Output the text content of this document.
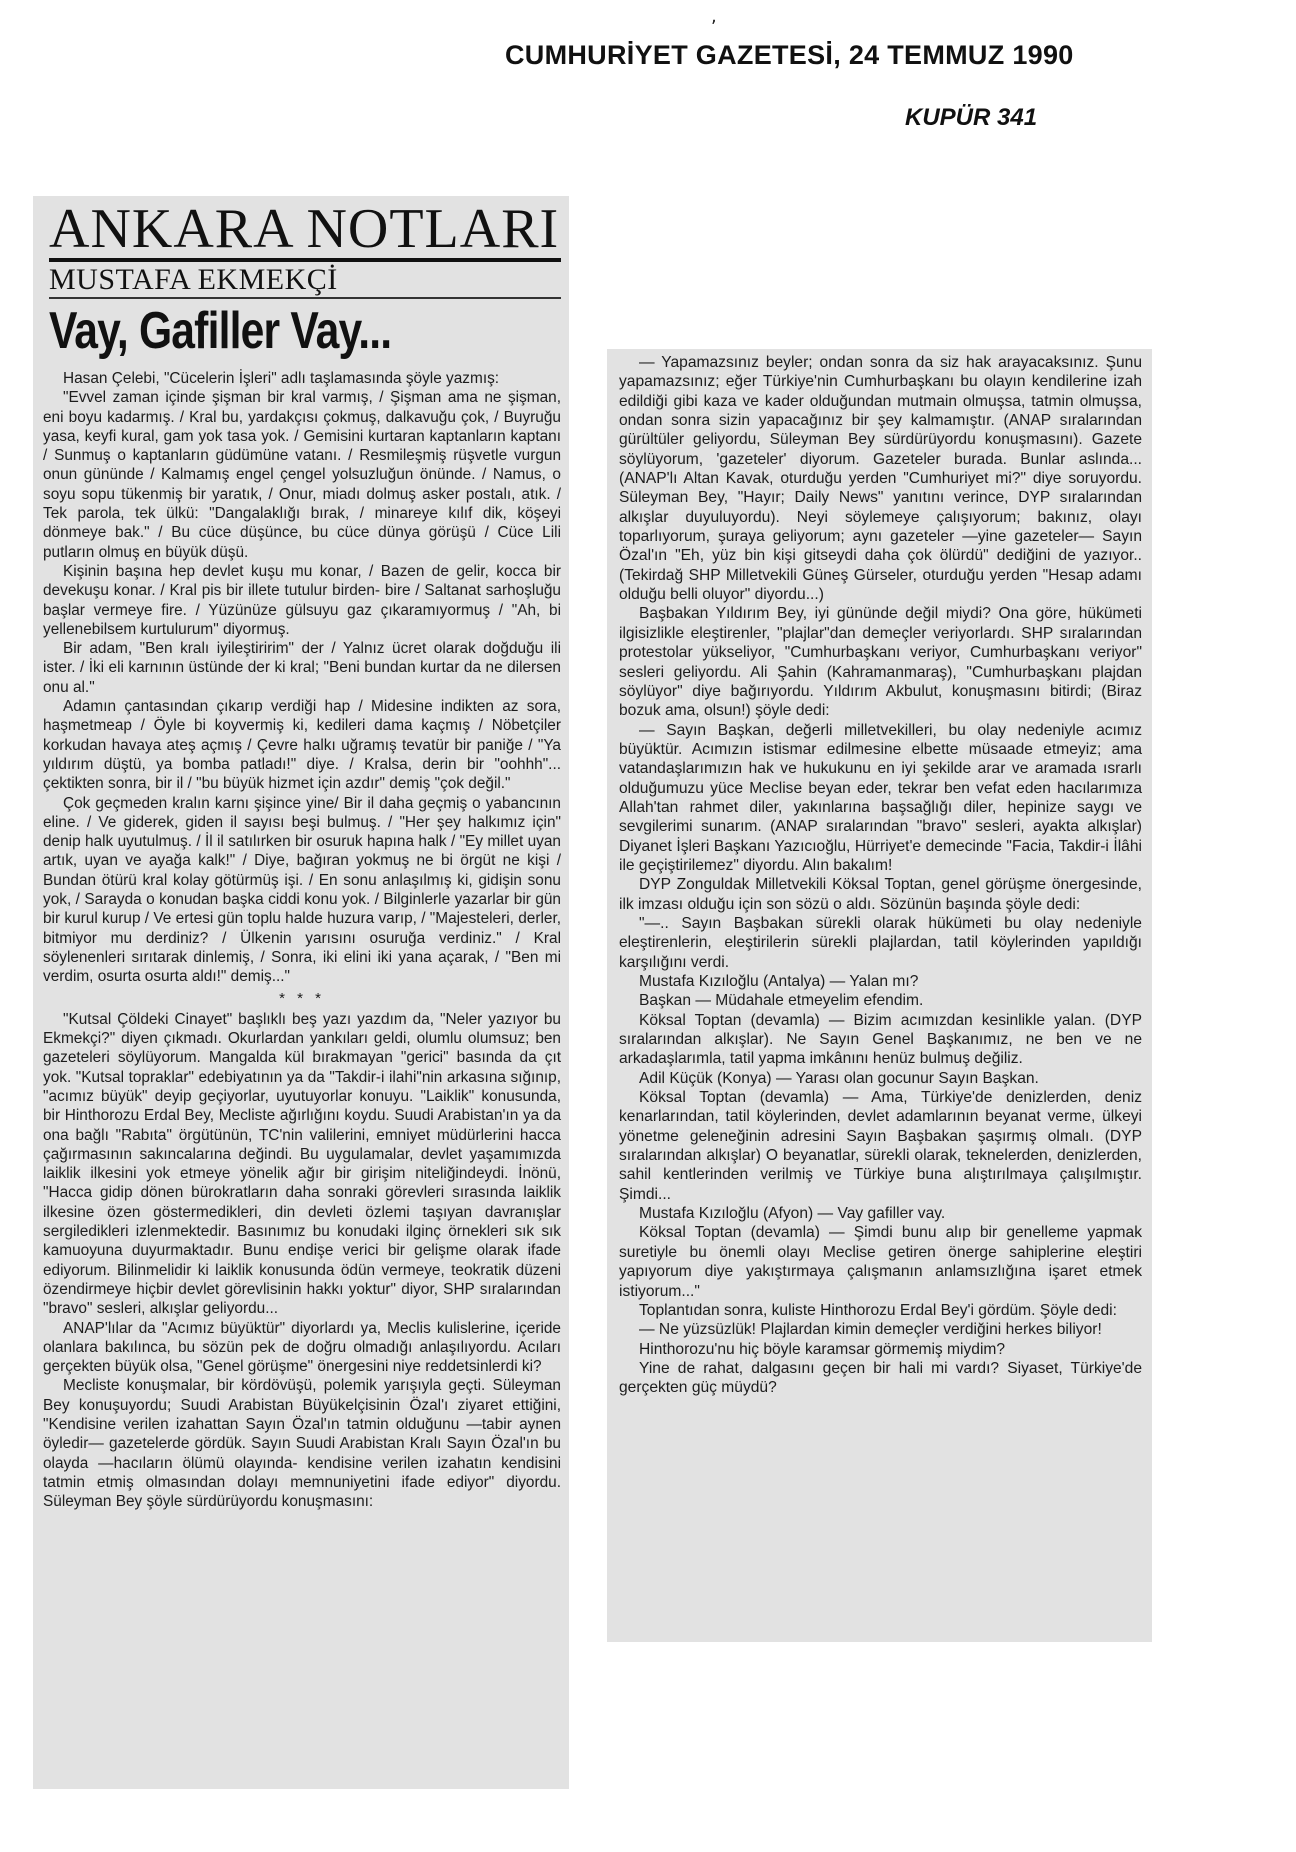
,
CUMHURİYET GAZETESİ, 24 TEMMUZ 1990
KUPÜR 341
ANKARA NOTLARI
MUSTAFA EKMEKÇİ
Vay, Gafiller Vay...

Hasan Çelebi, "Cücelerin İşleri" adlı taşlamasında şöyle yazmış:

"Evvel zaman içinde şişman bir kral varmış, / Şişman ama ne şişman, eni boyu kadarmış. / Kral bu, yardakçısı çokmuş, dalkavuğu çok, / Buyruğu yasa, keyfi kural, gam yok tasa yok. / Gemisini kurtaran kaptanların kaptanı / Sunmuş o kaptanların güdümüne vatanı. / Resmileşmiş rüşvetle vurgun onun gününde / Kalmamış engel çengel yolsuzluğun önünde. / Namus, o soyu sopu tükenmiş bir yaratık, / Onur, miadı dolmuş asker postalı, atık. / Tek parola, tek ülkü: "Dangalaklığı bırak, / minareye kılıf dik, köşeyi dönmeye bak." / Bu cüce düşünce, bu cüce dünya görüşü / Cüce Lili putların olmuş en büyük düşü.

Kişinin başına hep devlet kuşu mu konar, / Bazen de gelir, kocca bir devekuşu konar. / Kral pis bir illete tutulur birden- bire / Saltanat sarhoşluğu başlar vermeye fire. / Yüzünüze gülsuyu gaz çıkaramıyormuş / "Ah, bi yellenebilsem kurtulurum" diyormuş.

Bir adam, "Ben kralı iyileştiririm" der / Yalnız ücret olarak doğduğu ili ister. / İki eli karnının üstünde der ki kral; "Beni bundan kurtar da ne dilersen onu al."

Adamın çantasından çıkarıp verdiği hap / Midesine indikten az sora, haşmetmeap / Öyle bi koyvermiş ki, kedileri dama kaçmış / Nöbetçiler korkudan havaya ateş açmış / Çevre halkı uğramış tevatür bir paniğe / "Ya yıldırım düştü, ya bomba patladı!" diye. / Kralsa, derin bir "oohhh"... çektikten sonra, bir il / "bu büyük hizmet için azdır" demiş "çok değil."

Çok geçmeden kralın karnı şişince yine/ Bir il daha geçmiş o yabancının eline. / Ve giderek, giden il sayısı beşi bulmuş. / "Her şey halkımız için" denip halk uyutulmuş. / İl il satılırken bir osuruk hapına halk / "Ey millet uyan artık, uyan ve ayağa kalk!" / Diye, bağıran yokmuş ne bi örgüt ne kişi / Bundan ötürü kral kolay götürmüş işi. / En sonu anlaşılmış ki, gidişin sonu yok, / Sarayda o konudan başka ciddi konu yok. / Bilginlerle yazarlar bir gün bir kurul kurup / Ve ertesi gün toplu halde huzura varıp, / "Majesteleri, derler, bitmiyor mu derdiniz? / Ülkenin yarısını osuruğa verdiniz." / Kral söylenenleri sırıtarak dinlemiş, / Sonra, iki elini iki yana açarak, / "Ben mi verdim, osurta osurta aldı!" demiş..."

* * *

"Kutsal Çöldeki Cinayet" başlıklı beş yazı yazdım da, "Neler yazıyor bu Ekmekçi?" diyen çıkmadı. Okurlardan yankıları geldi, olumlu olumsuz; ben gazeteleri söylüyorum. Mangalda kül bırakmayan "gerici" basında da çıt yok. "Kutsal topraklar" edebiyatının ya da "Takdir-i ilahi"nin arkasına sığınıp, "acımız büyük" deyip geçiyorlar, uyutuyorlar konuyu. "Laiklik" konusunda, bir Hinthorozu Erdal Bey, Mecliste ağırlığını koydu. Suudi Arabistan'ın ya da ona bağlı "Rabıta" örgütünün, TC'nin valilerini, emniyet müdürlerini hacca çağırmasının sakıncalarına değindi. Bu uygulamalar, devlet yaşamımızda laiklik ilkesini yok etmeye yönelik ağır bir girişim niteliğindeydi. İnönü, "Hacca gidip dönen bürokratların daha sonraki görevleri sırasında laiklik ilkesine özen göstermedikleri, din devleti özlemi taşıyan davranışlar sergiledikleri izlenmektedir. Basınımız bu konudaki ilginç örnekleri sık sık kamuoyuna duyurmaktadır. Bunu endişe verici bir gelişme olarak ifade ediyorum. Bilinmelidir ki laiklik konusunda ödün vermeye, teokratik düzeni özendirmeye hiçbir devlet görevlisinin hakkı yoktur" diyor, SHP sıralarından "bravo" sesleri, alkışlar geliyordu...

ANAP'lılar da "Acımız büyüktür" diyorlardı ya, Meclis kulislerine, içeride olanlara bakılınca, bu sözün pek de doğru olmadığı anlaşılıyordu. Acıları gerçekten büyük olsa, "Genel görüşme" önergesini niye reddetsinlerdi ki?

Mecliste konuşmalar, bir kördövüşü, polemik yarışıyla geçti. Süleyman Bey konuşuyordu; Suudi Arabistan Büyükelçisinin Özal'ı ziyaret ettiğini, "Kendisine verilen izahattan Sayın Özal'ın tatmin olduğunu —tabir aynen öyledir— gazetelerde gördük. Sayın Suudi Arabistan Kralı Sayın Özal'ın bu olayda —hacıların ölümü olayında- kendisine verilen izahatın kendisini tatmin etmiş olmasından dolayı memnuniyetini ifade ediyor" diyordu. Süleyman Bey şöyle sürdürüyordu konuşmasını:

— Yapamazsınız beyler; ondan sonra da siz hak arayacaksınız. Şunu yapamazsınız; eğer Türkiye'nin Cumhurbaşkanı bu olayın kendilerine izah edildiği gibi kaza ve kader olduğundan mutmain olmuşsa, tatmin olmuşsa, ondan sonra sizin yapacağınız bir şey kalmamıştır. (ANAP sıralarından gürültüler geliyordu, Süleyman Bey sürdürüyordu konuşmasını). Gazete söylüyorum, 'gazeteler' diyorum. Gazeteler burada. Bunlar aslında... (ANAP'lı Altan Kavak, oturduğu yerden "Cumhuriyet mi?" diye soruyordu. Süleyman Bey, "Hayır; Daily News" yanıtını verince, DYP sıralarından alkışlar duyuluyordu). Neyi söylemeye çalışıyorum; bakınız, olayı toparlıyorum, şuraya geliyorum; aynı gazeteler —yine gazeteler— Sayın Özal'ın "Eh, yüz bin kişi gitseydi daha çok ölürdü" dediğini de yazıyor.. (Tekirdağ SHP Milletvekili Güneş Gürseler, oturduğu yerden "Hesap adamı olduğu belli oluyor" diyordu...)

Başbakan Yıldırım Bey, iyi gününde değil miydi? Ona göre, hükümeti ilgisizlikle eleştirenler, "plajlar"dan demeçler veriyorlardı. SHP sıralarından protestolar yükseliyor, "Cumhurbaşkanı veriyor, Cumhurbaşkanı veriyor" sesleri geliyordu. Ali Şahin (Kahramanmaraş), "Cumhurbaşkanı plajdan söylüyor" diye bağırıyordu. Yıldırım Akbulut, konuşmasını bitirdi; (Biraz bozuk ama, olsun!) şöyle dedi:

— Sayın Başkan, değerli milletvekilleri, bu olay nedeniyle acımız büyüktür. Acımızın istismar edilmesine elbette müsaade etmeyiz; ama vatandaşlarımızın hak ve hukukunu en iyi şekilde arar ve aramada ısrarlı olduğumuzu yüce Meclise beyan eder, tekrar ben vefat eden hacılarımıza Allah'tan rahmet diler, yakınlarına başsağlığı diler, hepinize saygı ve sevgilerimi sunarım. (ANAP sıralarından "bravo" sesleri, ayakta alkışlar) Diyanet İşleri Başkanı Yazıcıoğlu, Hürriyet'e demecinde "Facia, Takdir-i İlâhi ile geçiştirilemez" diyordu. Alın bakalım!

DYP Zonguldak Milletvekili Köksal Toptan, genel görüşme önergesinde, ilk imzası olduğu için son sözü o aldı. Sözünün başında şöyle dedi:

"—.. Sayın Başbakan sürekli olarak hükümeti bu olay nedeniyle eleştirenlerin, eleştirilerin sürekli plajlardan, tatil köylerinden yapıldığı karşılığını verdi.

Mustafa Kızıloğlu (Antalya) — Yalan mı?

Başkan — Müdahale etmeyelim efendim.

Köksal Toptan (devamla) — Bizim acımızdan kesinlikle yalan. (DYP sıralarından alkışlar). Ne Sayın Genel Başkanımız, ne ben ve ne arkadaşlarımla, tatil yapma imkânını henüz bulmuş değiliz.

Adil Küçük (Konya) — Yarası olan gocunur Sayın Başkan.

Köksal Toptan (devamla) — Ama, Türkiye'de denizlerden, deniz kenarlarından, tatil köylerinden, devlet adamlarının beyanat verme, ülkeyi yönetme geleneğinin adresini Sayın Başbakan şaşırmış olmalı. (DYP sıralarından alkışlar) O beyanatlar, sürekli olarak, teknelerden, denizlerden, sahil kentlerinden verilmiş ve Türkiye buna alıştırılmaya çalışılmıştır. Şimdi...

Mustafa Kızıloğlu (Afyon) — Vay gafiller vay.

Köksal Toptan (devamla) — Şimdi bunu alıp bir genelleme yapmak suretiyle bu önemli olayı Meclise getiren önerge sahiplerine eleştiri yapıyorum diye yakıştırmaya çalışmanın anlamsızlığına işaret etmek istiyorum..."

Toplantıdan sonra, kuliste Hinthorozu Erdal Bey'i gördüm. Şöyle dedi:

— Ne yüzsüzlük! Plajlardan kimin demeçler verdiğini herkes biliyor!

Hinthorozu'nu hiç böyle karamsar görmemiş miydim?

Yine de rahat, dalgasını geçen bir hali mi vardı? Siyaset, Türkiye'de gerçekten güç müydü?
